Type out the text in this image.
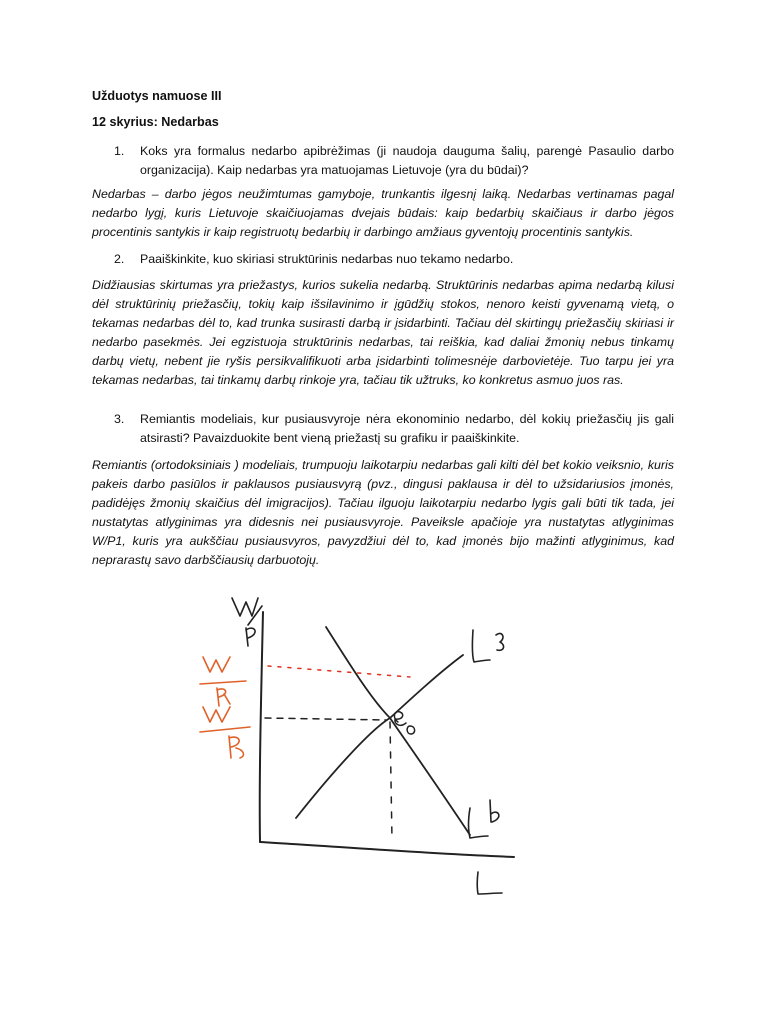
Užduotys namuose III
12 skyrius: Nedarbas
1. Koks yra formalus nedarbo apibrėžimas (ji naudoja dauguma šalių, parengė Pasaulio darbo organizacija). Kaip nedarbas yra matuojamas Lietuvoje (yra du būdai)?
Nedarbas – darbo jėgos neužimtumas gamyboje, trunkantis ilgesnį laiką. Nedarbas vertinamas pagal nedarbo lygį, kuris Lietuvoje skaičiuojamas dvejais būdais: kaip bedarbių skaičiaus ir darbo jėgos procentinis santykis ir kaip registruotų bedarbių ir darbingo amžiaus gyventojų procentinis santykis.
2. Paaiškinkite, kuo skiriasi struktūrinis nedarbas nuo tekamo nedarbo.
Didžiausias skirtumas yra priežastys, kurios sukelia nedarbą. Struktūrinis nedarbas apima nedarbą kilusi dėl struktūrinių priežasčių, tokių kaip išsilavinimo ir įgūdžių stokos, nenoro keisti gyvenamą vietą, o tekamas nedarbas dėl to, kad trunka susirasti darbą ir įsidarbinti. Tačiau dėl skirtingų priežasčių skiriasi ir nedarbo pasekmės. Jei egzistuoja struktūrinis nedarbas, tai reiškia, kad daliai žmonių nebus tinkamų darbų vietų, nebent jie ryšis persikvalifikuoti arba įsidarbinti tolimesnėje darbovietėje. Tuo tarpu jei yra tekamas nedarbas, tai tinkamų darbų rinkoje yra, tačiau tik užtruks, ko konkretus asmuo juos ras.
3. Remiantis modeliais, kur pusiausvyroje nėra ekonominio nedarbo, dėl kokių priežasčių jis gali atsirasti? Pavaizduokite bent vieną priežastį su grafiku ir paaiškinkite.
Remiantis (ortodoksiniais ) modeliais, trumpuoju laikotarpiu nedarbas gali kilti dėl bet kokio veiksnio, kuris pakeis darbo pasiūlos ir paklausos pusiausvyrą (pvz., dingusi paklausa ir dėl to užsidariusios įmonės, padidėjęs žmonių skaičius dėl imigracijos). Tačiau ilguoju laikotarpiu nedarbo lygis gali būti tik tada, jei nustatytas atlyginimas yra didesnis nei pusiausvyroje. Paveiksle apačioje yra nustatytas atlyginimas W/P1, kuris yra aukščiau pusiausvyros, pavyzdžiui dėl to, kad įmonės bijo mažinti atlyginimus, kad neprarastų savo darbščiausių darbuotojų.
